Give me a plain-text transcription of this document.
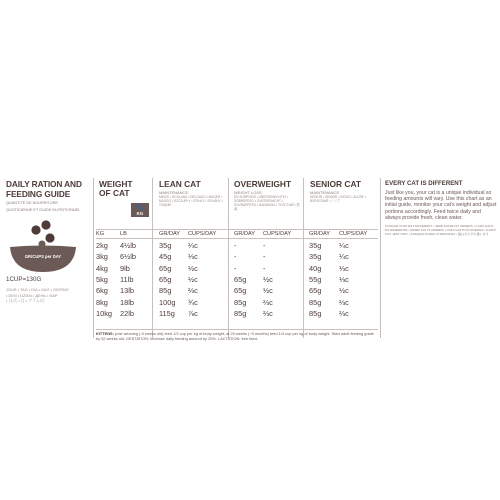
DAILY RATION AND
FEEDING GUIDE
QUANTITÉ DE NOURRITURE
QUOTIDIENNE ET GUIDE NUTRITIONNEL
GR/CUPS per DAY
1CUP=130G
JOUR • TAG • DIA • DAG • GIORNO
• DEN • DZIEN • ДЕНЬ • NAP
• 日/天 • 日 • グラム/日
WEIGHT
OF CAT
LEAN CAT
MAINTENANCE
MINCE • SCHLANK • DELGADO • MAGER • MAGRO • SZCZUPŁY • ŠTÍHLÝ • SOVÁNY • ТОЩИЙ
OVERWEIGHT
WEIGHT LOSS
EN SURPOIDS • ÜBERGEWICHTIG • SOBREPESO • OVERGEWICHT • SOVRAPPESO • NADWAGA • ТОЛСТЫЙ • 肥満
SENIOR CAT
MAINTENANCE
SÉNIOR • SENIOR • IDOSO • ÄLDRE • ВЗРОСЛЫЙ • シニア
KG	LB	GR/DAY CUPS/DAY	GR/DAY CUPS/DAY	GR/DAY CUPS/DAY
2kg 4½lb	35g ¼c	-	-	35g ¼c
3kg 6½lb	45g ⅓c	-	-	35g ¼c
4kg 9lb	65g ½c	-	-	40g ⅓c
5kg 11lb	65g ½c	65g ½c	55g ⅓c
6kg 13lb	85g ⅔c	65g ½c	65g ½c
8kg 18lb	100g ¾c	85g ⅔c	85g ⅔c
10kg 22lb	115g ⅞c	85g ⅔c	85g ⅔c
KITTENS: post weaning (-5 weeks old) feed 1/2 cup per kg of body weight, at 20 weeks (~5 months) feed 1/4 cup per kg of body weight. Start adult feeding guide by 52 weeks old. GESTATION: increase daily feeding amount by 25%. LACTATION: free feed.
EVERY CAT IS DIFFERENT
Just like you, your cat is a unique individual so feeding amounts will vary. Use this chart as an initial guide, monitor your cat's weight and adjust portions accordingly. Feed twice daily and always provide fresh, clean water.
CHAQUE CHAT EST DIFFÉRENT • JEDE KATZE IST ANDERS • CADA GATO ES DIFERENTE • IEDER KAT IS ANDERS • OGNI GATTO È DIVERSO • KAŻDY KOT JEST INNY • КАЖДАЯ КОШКА УНИКАЛЬНА • 猫はそれぞれ違います
🐾
KG
